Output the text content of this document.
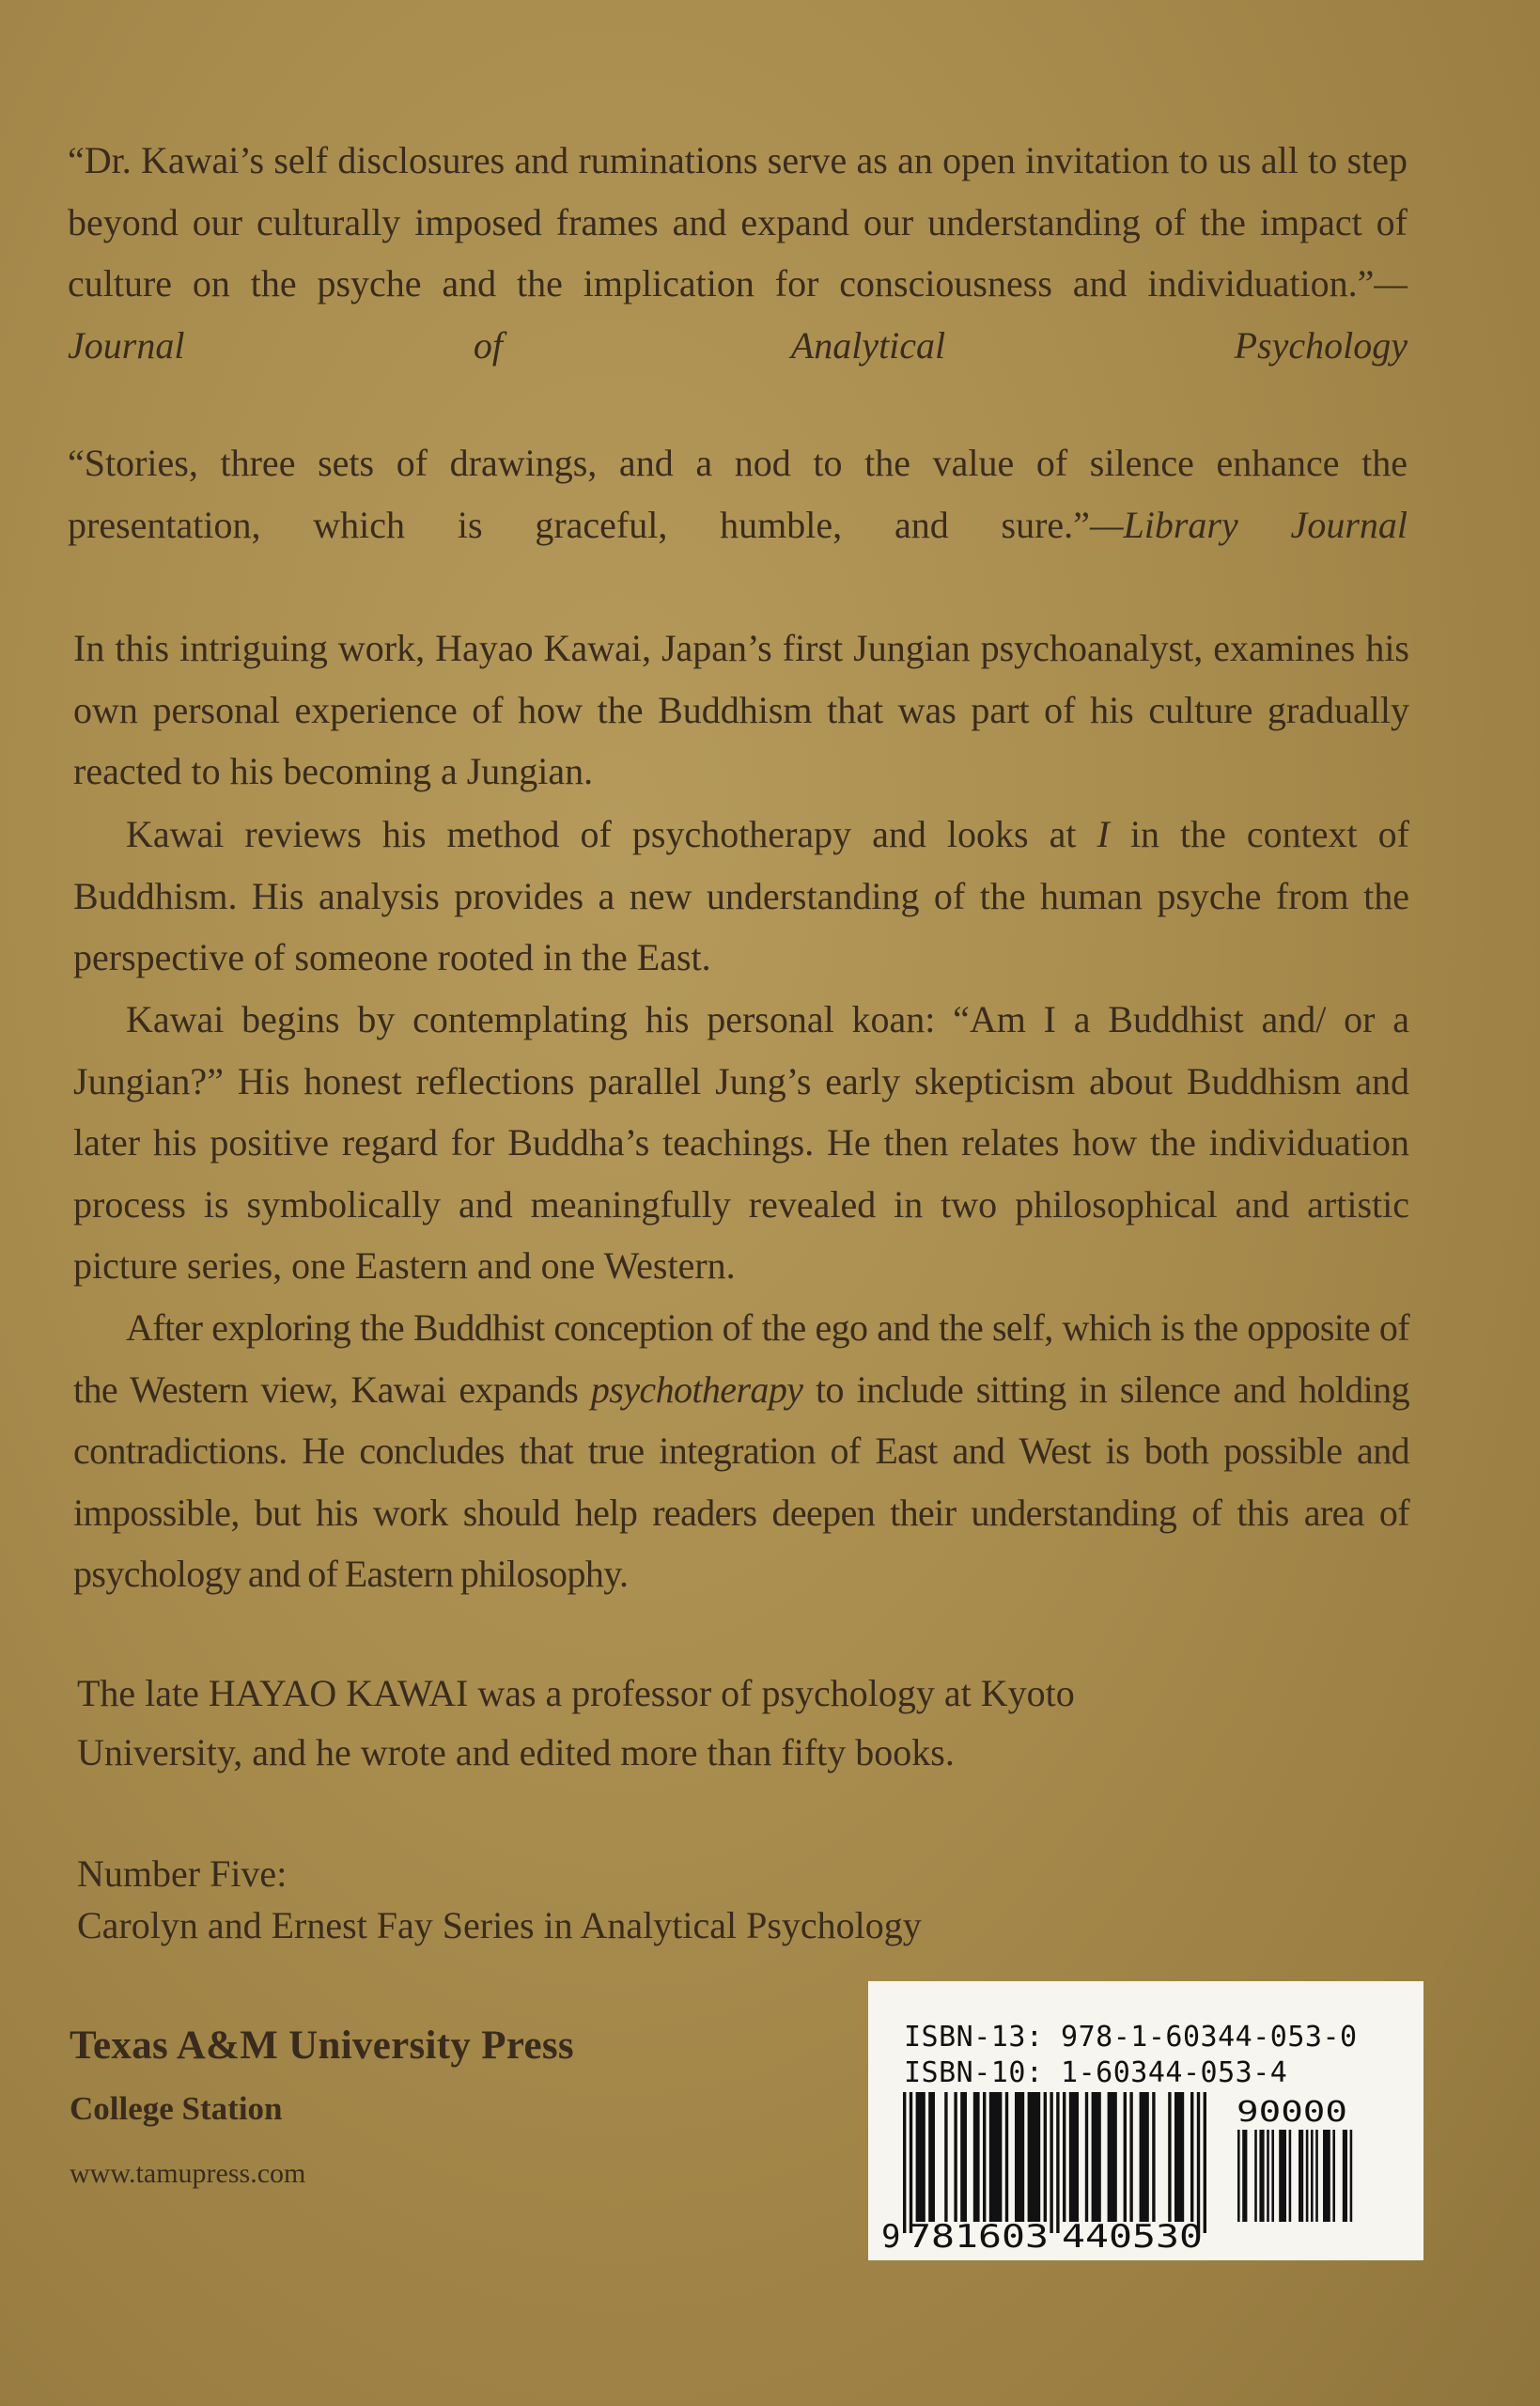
“Dr. Kawai’s self disclosures and ruminations serve as an open invitation to us all to step beyond our culturally imposed frames and expand our understanding of the impact of culture on the psyche and the implication for consciousness and individuation.”—Journal of Analytical Psychology

“Stories, three sets of drawings, and a nod to the value of silence enhance the presentation, which is graceful, humble, and sure.”—Library Journal

In this intriguing work, Hayao Kawai, Japan’s first Jungian psychoanalyst, examines his own personal experience of how the Buddhism that was part of his culture gradually reacted to his becoming a Jungian.

Kawai reviews his method of psychotherapy and looks at I in the context of Buddhism. His analysis provides a new understanding of the human psyche from the perspective of someone rooted in the East.

Kawai begins by contemplating his personal koan: “Am I a Buddhist and/ or a Jungian?” His honest reflections parallel Jung’s early skepticism about Buddhism and later his positive regard for Buddha’s teachings. He then relates how the individuation process is symbolically and meaningfully revealed in two philosophical and artistic picture series, one Eastern and one Western.

After exploring the Buddhist conception of the ego and the self, which is the opposite of the Western view, Kawai expands psychotherapy to include sitting in silence and holding contradictions. He concludes that true integration of East and West is both possible and impossible, but his work should help readers deepen their understanding of this area of psychology and of Eastern philosophy.

The late HAYAO KAWAI was a professor of psychology at Kyoto
University, and he wrote and edited more than fifty books.
Number Five:
Carolyn and Ernest Fay Series in Analytical Psychology
Texas A&M University Press
College Station
www.tamupress.com
ISBN-13: 978-1-60344-053-0
ISBN-10: 1-60344-053-4
9 781603 440530
90000
